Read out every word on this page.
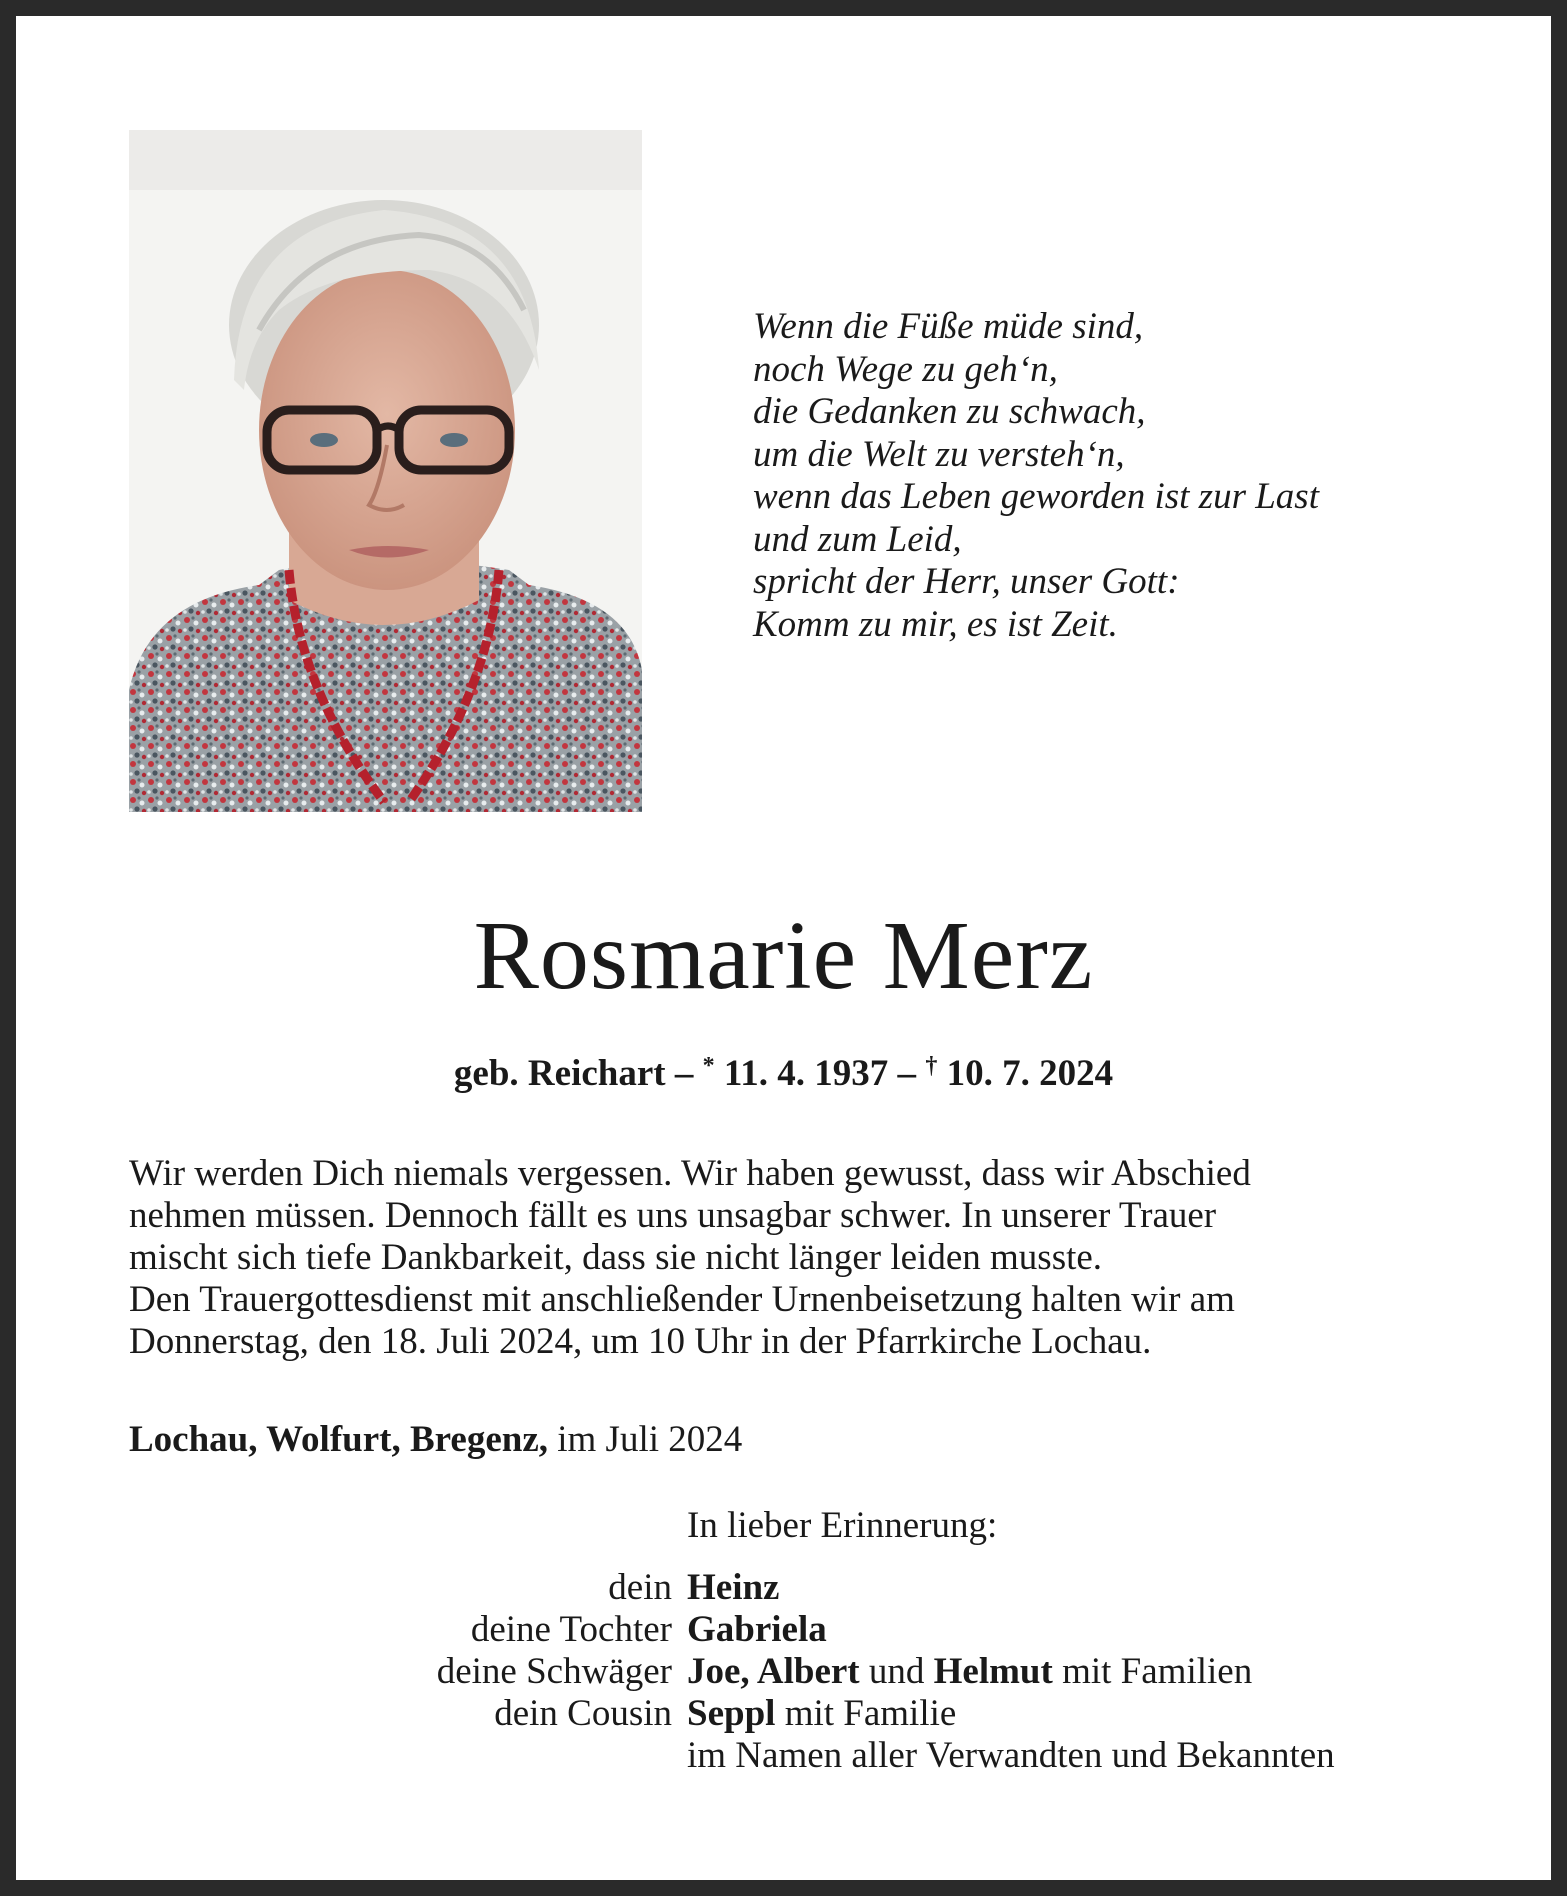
Wenn die Füße müde sind,
noch Wege zu geh‘n,
die Gedanken zu schwach,
um die Welt zu versteh‘n,
wenn das Leben geworden ist zur Last
und zum Leid,
spricht der Herr, unser Gott:
Komm zu mir, es ist Zeit.
Rosmarie Merz
geb. Reichart – * 11. 4. 1937 – † 10. 7. 2024
Wir werden Dich niemals vergessen. Wir haben gewusst, dass wir Abschied
nehmen müssen. Dennoch fällt es uns unsagbar schwer. In unserer Trauer
mischt sich tiefe Dankbarkeit, dass sie nicht länger leiden musste.
Den Trauergottesdienst mit anschließender Urnenbeisetzung halten wir am
Donnerstag, den 18. Juli 2024, um 10 Uhr in der Pfarrkirche Lochau.
Lochau, Wolfurt, Bregenz, im Juli 2024
In lieber Erinnerung:
dein Heinz
deine Tochter Gabriela
deine Schwäger Joe, Albert und Helmut mit Familien
dein Cousin Seppl mit Familie
im Namen aller Verwandten und Bekannten
